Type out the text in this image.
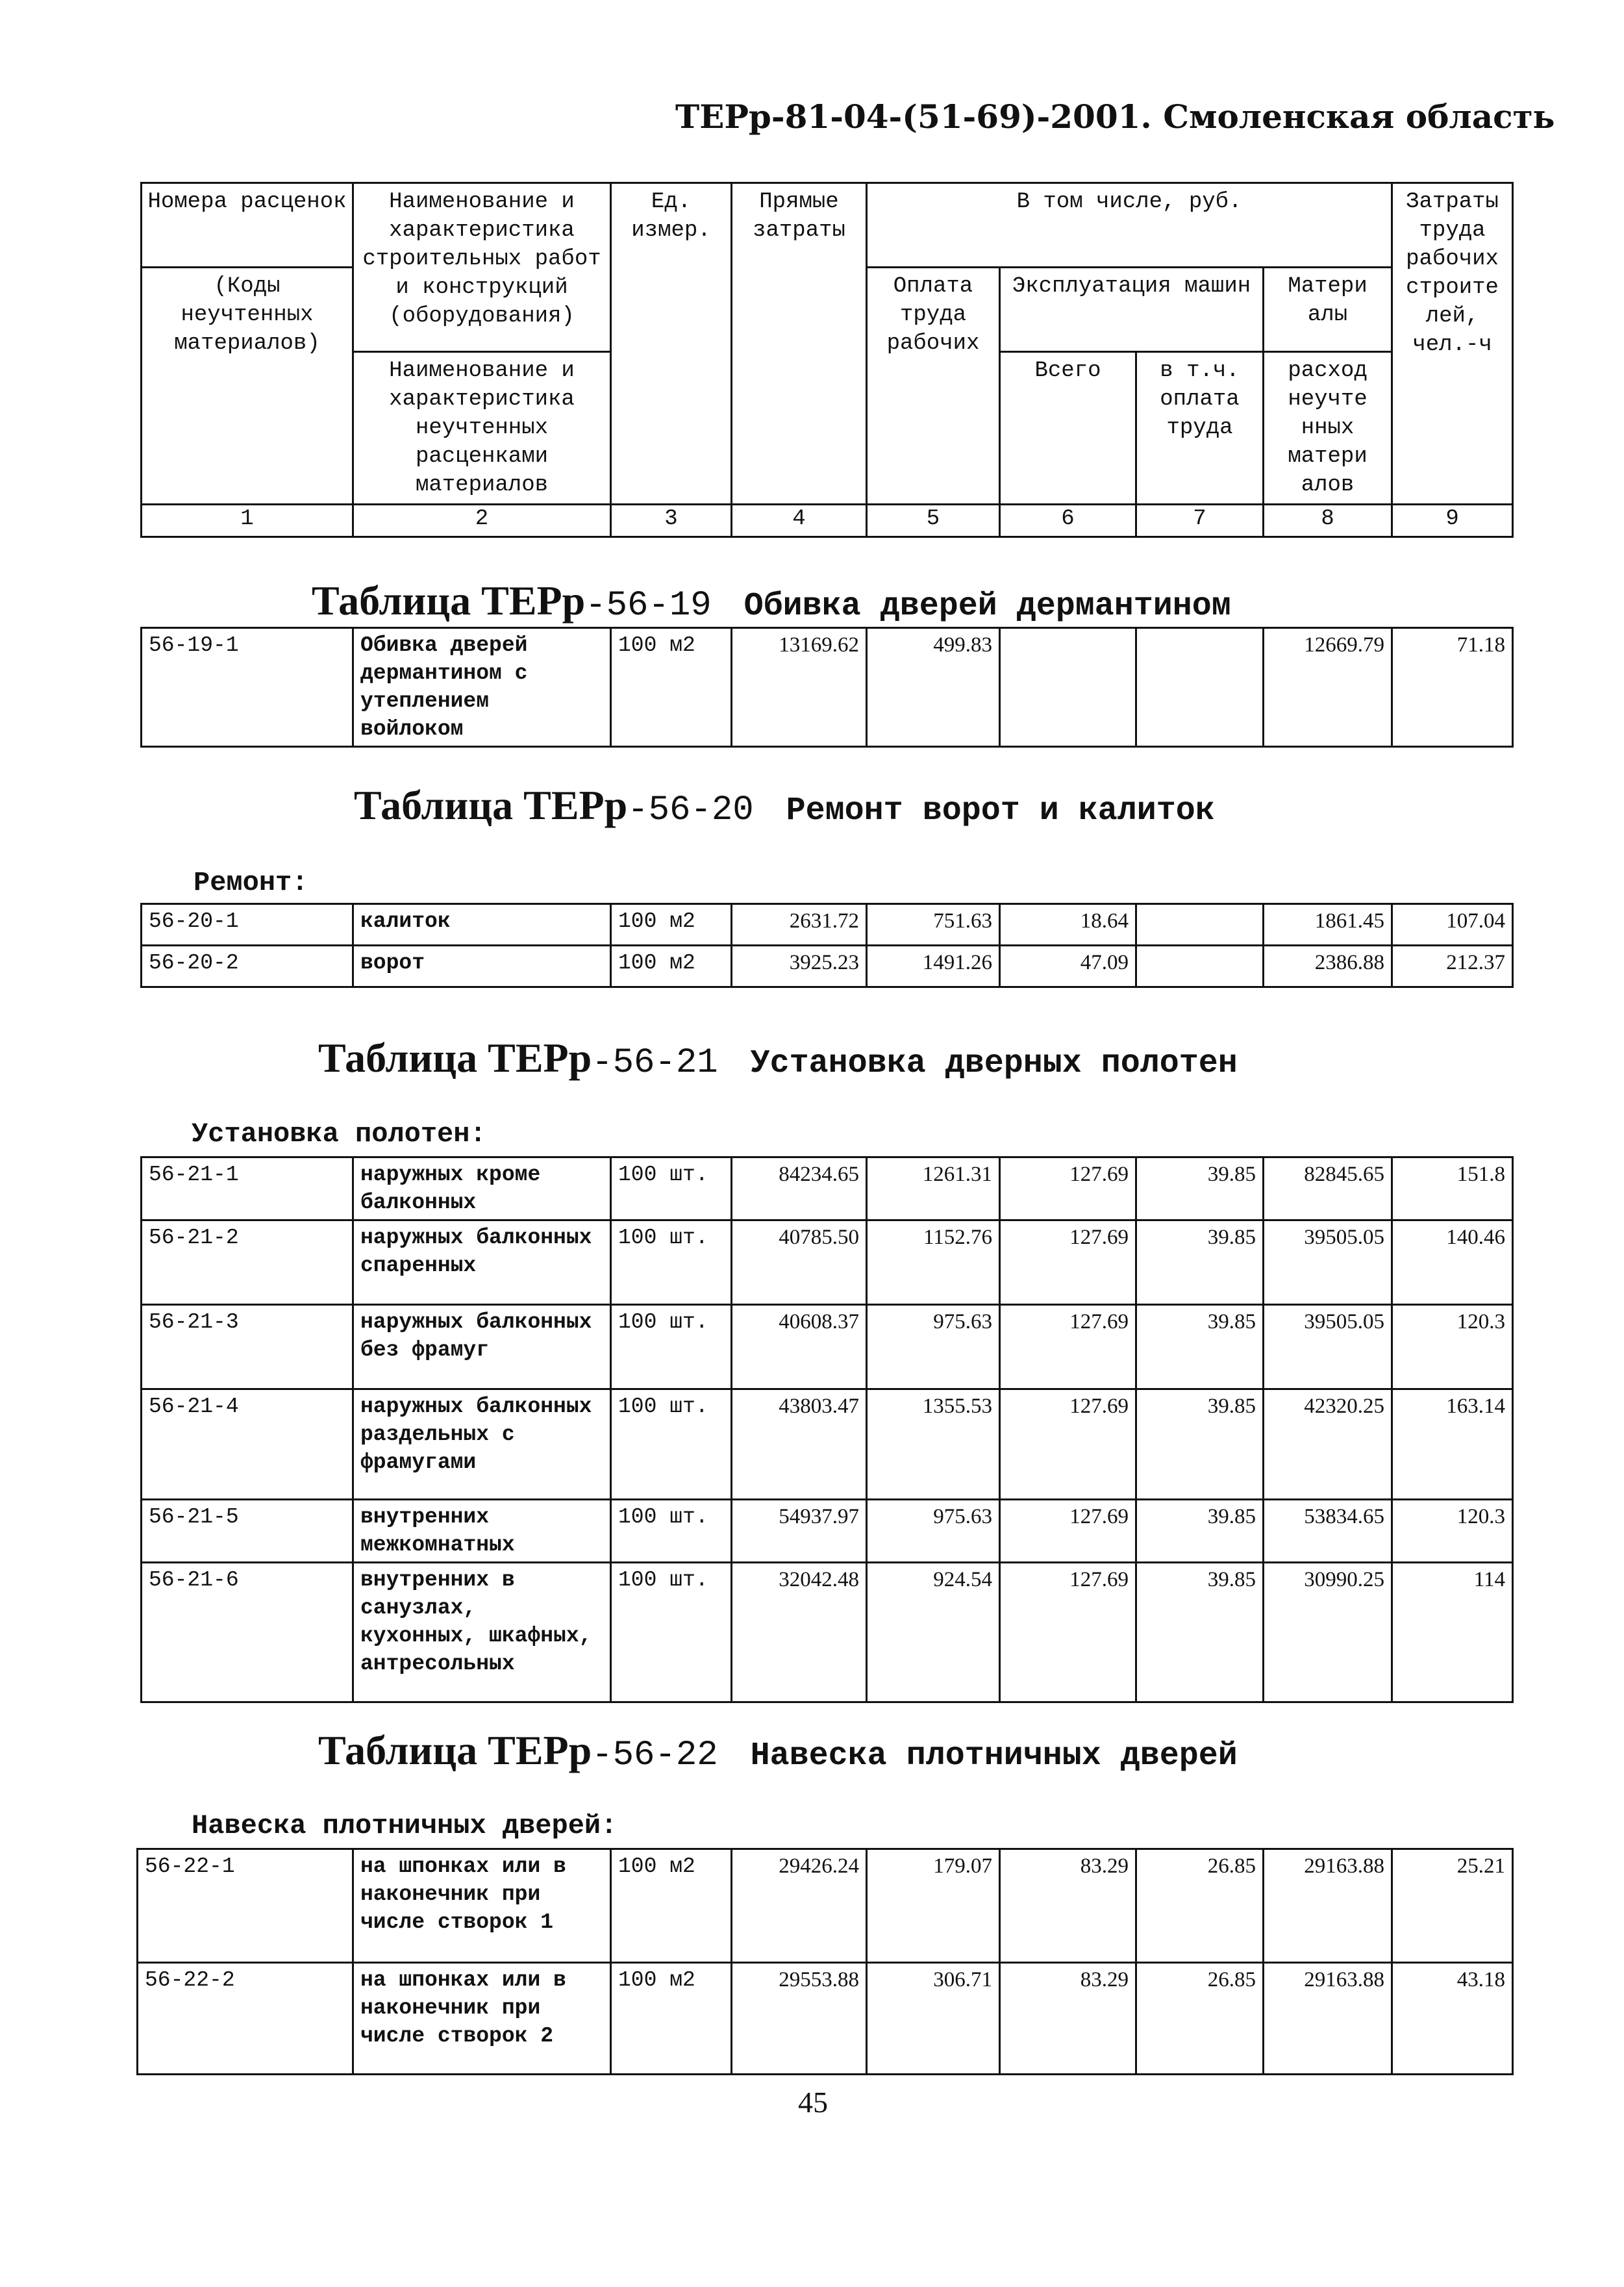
ТЕРр-81-04-(51-69)-2001. Смоленская область
Номера расценок	Наименование и характеристика строительных работ и конструкций (оборудования)	Ед. измер.	Прямые затраты	В том числе, руб.				Затраты труда рабочих строите лей, чел.-ч
(Коды неучтенных материалов)				Оплата труда рабочих	Эксплуатация машин		Матери алы	
	Наименование и характеристика неучтенных расценками материалов				Всего	в т.ч. оплата труда	расход неучте нных матери алов	
1	2	3	4	5	6	7	8	9
Таблица ТЕРр-56-19 Обивка дверей дермантином
56-19-1	Обивка дверей дермантином с утеплением войлоком	100 м2	13169.62	499.83			12669.79	71.18
Таблица ТЕРр-56-20 Ремонт ворот и калиток
Ремонт:
56-20-1	калиток	100 м2	2631.72	751.63	18.64		1861.45	107.04
56-20-2	ворот	100 м2	3925.23	1491.26	47.09		2386.88	212.37
Таблица ТЕРр-56-21 Установка дверных полотен
Установка полотен:
56-21-1	наружных кроме балконных	100 шт.	84234.65	1261.31	127.69	39.85	82845.65	151.8
56-21-2	наружных балконных спаренных	100 шт.	40785.50	1152.76	127.69	39.85	39505.05	140.46
56-21-3	наружных балконных без фрамуг	100 шт.	40608.37	975.63	127.69	39.85	39505.05	120.3
56-21-4	наружных балконных раздельных с фрамугами	100 шт.	43803.47	1355.53	127.69	39.85	42320.25	163.14
56-21-5	внутренних межкомнатных	100 шт.	54937.97	975.63	127.69	39.85	53834.65	120.3
56-21-6	внутренних в санузлах, кухонных, шкафных, антресольных	100 шт.	32042.48	924.54	127.69	39.85	30990.25	114
Таблица ТЕРр-56-22 Навеска плотничных дверей
Навеска плотничных дверей:
56-22-1	на шпонках или в наконечник при числе створок 1	100 м2	29426.24	179.07	83.29	26.85	29163.88	25.21
56-22-2	на шпонках или в наконечник при числе створок 2	100 м2	29553.88	306.71	83.29	26.85	29163.88	43.18
45
